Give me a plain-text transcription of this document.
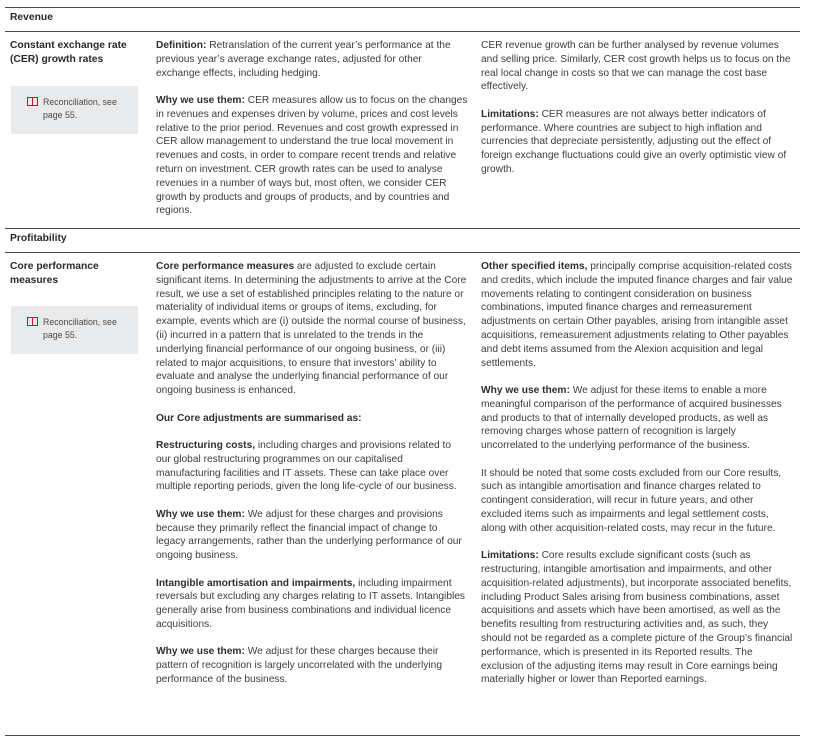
Revenue
Constant exchange rate (CER) growth rates
Reconciliation, see page 55.

Definition: Retranslation of the current year’s performance at the previous year’s average exchange rates, adjusted for other exchange effects, including hedging.

Why we use them: CER measures allow us to focus on the changes in revenues and expenses driven by volume, prices and cost levels relative to the prior period. Revenues and cost growth expressed in CER allow management to understand the true local movement in revenues and costs, in order to compare recent trends and relative return on investment. CER growth rates can be used to analyse revenues in a number of ways but, most often, we consider CER growth by products and groups of products, and by countries and regions.

CER revenue growth can be further analysed by revenue volumes and selling price. Similarly, CER cost growth helps us to focus on the real local change in costs so that we can manage the cost base effectively.

Limitations: CER measures are not always better indicators of performance. Where countries are subject to high inflation and currencies that depreciate persistently, adjusting out the effect of foreign exchange fluctuations could give an overly optimistic view of growth.

Profitability
Core performance measures
Reconciliation, see page 55.

Core performance measures are adjusted to exclude certain significant items. In determining the adjustments to arrive at the Core result, we use a set of established principles relating to the nature or materiality of individual items or groups of items, excluding, for example, events which are (i) outside the normal course of business, (ii) incurred in a pattern that is unrelated to the trends in the underlying financial performance of our ongoing business, or (iii) related to major acquisitions, to ensure that investors’ ability to evaluate and analyse the underlying financial performance of our ongoing business is enhanced.

Our Core adjustments are summarised as:

Restructuring costs, including charges and provisions related to our global restructuring programmes on our capitalised manufacturing facilities and IT assets. These can take place over multiple reporting periods, given the long life-cycle of our business.

Why we use them: We adjust for these charges and provisions because they primarily reflect the financial impact of change to legacy arrangements, rather than the underlying performance of our ongoing business.

Intangible amortisation and impairments, including impairment reversals but excluding any charges relating to IT assets. Intangibles generally arise from business combinations and individual licence acquisitions.

Why we use them: We adjust for these charges because their pattern of recognition is largely uncorrelated with the underlying performance of the business.

Other specified items, principally comprise acquisition-related costs and credits, which include the imputed finance charges and fair value movements relating to contingent consideration on business combinations, imputed finance charges and remeasurement adjustments on certain Other payables, arising from intangible asset acquisitions, remeasurement adjustments relating to Other payables and debt items assumed from the Alexion acquisition and legal settlements.

Why we use them: We adjust for these items to enable a more meaningful comparison of the performance of acquired businesses and products to that of internally developed products, as well as removing charges whose pattern of recognition is largely uncorrelated to the underlying performance of the business.

It should be noted that some costs excluded from our Core results, such as intangible amortisation and finance charges related to contingent consideration, will recur in future years, and other excluded items such as impairments and legal settlement costs, along with other acquisition-related costs, may recur in the future.

Limitations: Core results exclude significant costs (such as restructuring, intangible amortisation and impairments, and other acquisition-related adjustments), but incorporate associated benefits, including Product Sales arising from business combinations, asset acquisitions and assets which have been amortised, as well as the benefits resulting from restructuring activities and, as such, they should not be regarded as a complete picture of the Group’s financial performance, which is presented in its Reported results. The exclusion of the adjusting items may result in Core earnings being materially higher or lower than Reported earnings.
